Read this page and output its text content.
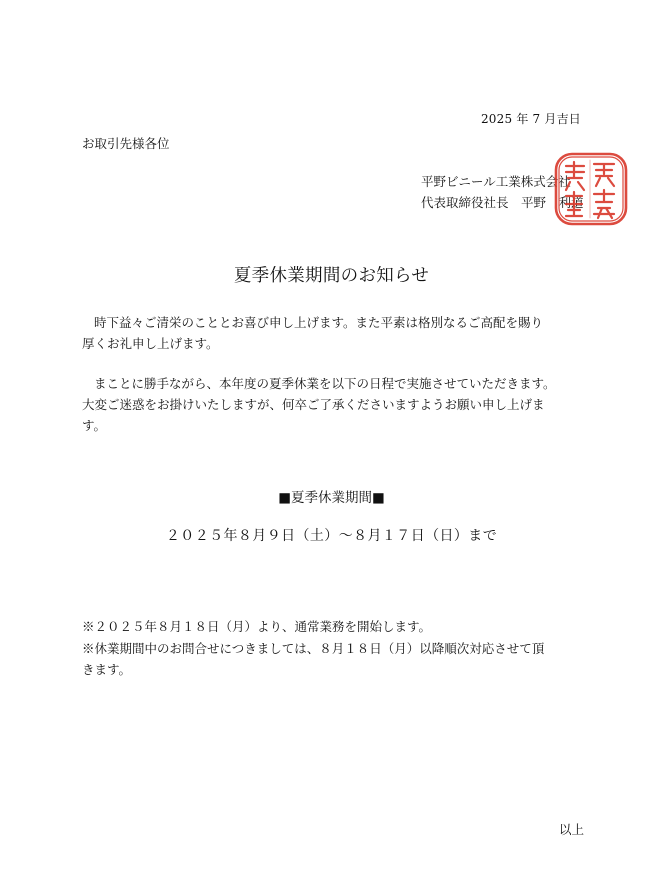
2025 年 7 月吉日
お取引先様各位
平野ビニール工業株式会社
代表取締役社長　平野　利道
夏季休業期間のお知らせ
時下益々ご清栄のこととお喜び申し上げます。また平素は格別なるご高配を賜り
厚くお礼申し上げます。
まことに勝手ながら、本年度の夏季休業を以下の日程で実施させていただきます。
大変ご迷惑をお掛けいたしますが、何卒ご了承くださいますようお願い申し上げま
す。
■夏季休業期間■
２０２５年８月９日（土）～８月１７日（日）まで
※２０２５年８月１８日（月）より、通常業務を開始します。
※休業期間中のお問合せにつきましては、８月１８日（月）以降順次対応させて頂
きます。
以上
